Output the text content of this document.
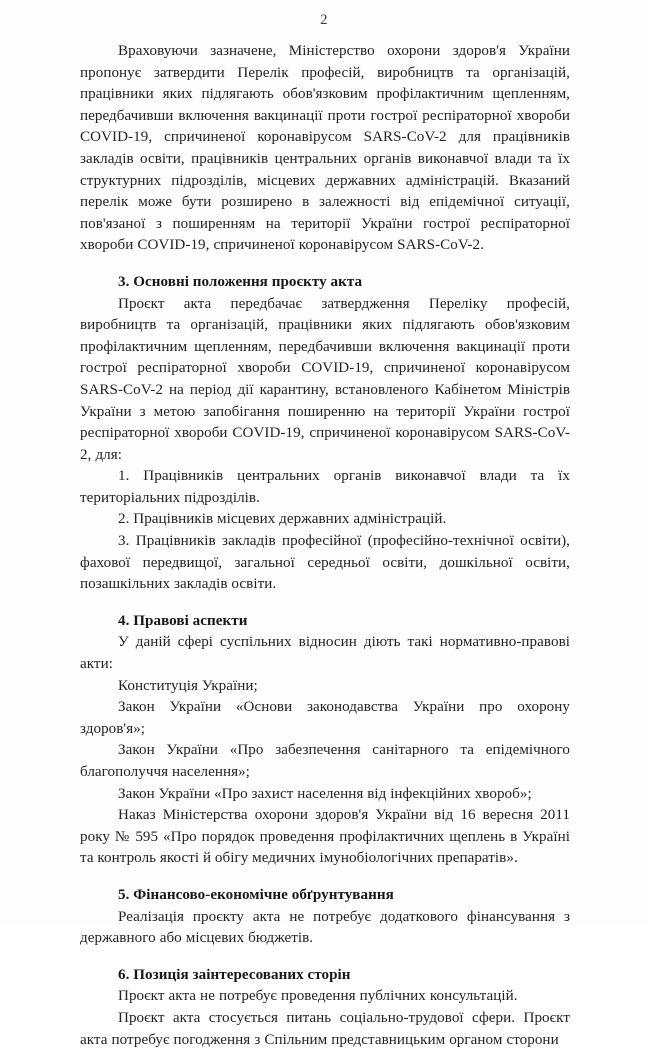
2

Враховуючи зазначене, Міністерство охорони здоров'я України пропонує затвердити Перелік професій, виробництв та організацій, працівники яких підлягають обов'язковим профілактичним щепленням, передбачивши включення вакцинації проти гострої респіраторної хвороби COVID-19, спричиненої коронавірусом SARS-CoV-2 для працівників закладів освіти, працівників центральних органів виконавчої влади та їх структурних підрозділів, місцевих державних адміністрацій. Вказаний перелік може бути розширено в залежності від епідемічної ситуації, пов'язаної з поширенням на території України гострої респіраторної хвороби COVID-19, спричиненої коронавірусом SARS-CoV-2.

3. Основні положення проєкту акта

Проєкт акта передбачає затвердження Переліку професій, виробництв та організацій, працівники яких підлягають обов'язковим профілактичним щепленням, передбачивши включення вакцинації проти гострої респіраторної хвороби COVID-19, спричиненої коронавірусом SARS-CoV-2 на період дії карантину, встановленого Кабінетом Міністрів України з метою запобігання поширенню на території України гострої респіраторної хвороби COVID-19, спричиненої коронавірусом SARS-CoV-2, для:

1. Працівників центральних органів виконавчої влади та їх територіальних підрозділів.

2. Працівників місцевих державних адміністрацій.

3. Працівників закладів професійної (професійно-технічної освіти), фахової передвищої, загальної середньої освіти, дошкільної освіти, позашкільних закладів освіти.

4. Правові аспекти

У даній сфері суспільних відносин діють такі нормативно-правові акти:

Конституція України;

Закон України «Основи законодавства України про охорону здоров'я»;

Закон України «Про забезпечення санітарного та епідемічного благополуччя населення»;

Закон України «Про захист населення від інфекційних хвороб»;

Наказ Міністерства охорони здоров'я України від 16 вересня 2011 року № 595 «Про порядок проведення профілактичних щеплень в Україні та контроль якості й обігу медичних імунобіологічних препаратів».

5. Фінансово-економічне обґрунтування

Реалізація проєкту акта не потребує додаткового фінансування з державного або місцевих бюджетів.

6. Позиція заінтересованих сторін

Проєкт акта не потребує проведення публічних консультацій.

Проєкт акта стосується питань соціально-трудової сфери. Проєкт акта потребує погодження з Спільним представницьким органом сторони
